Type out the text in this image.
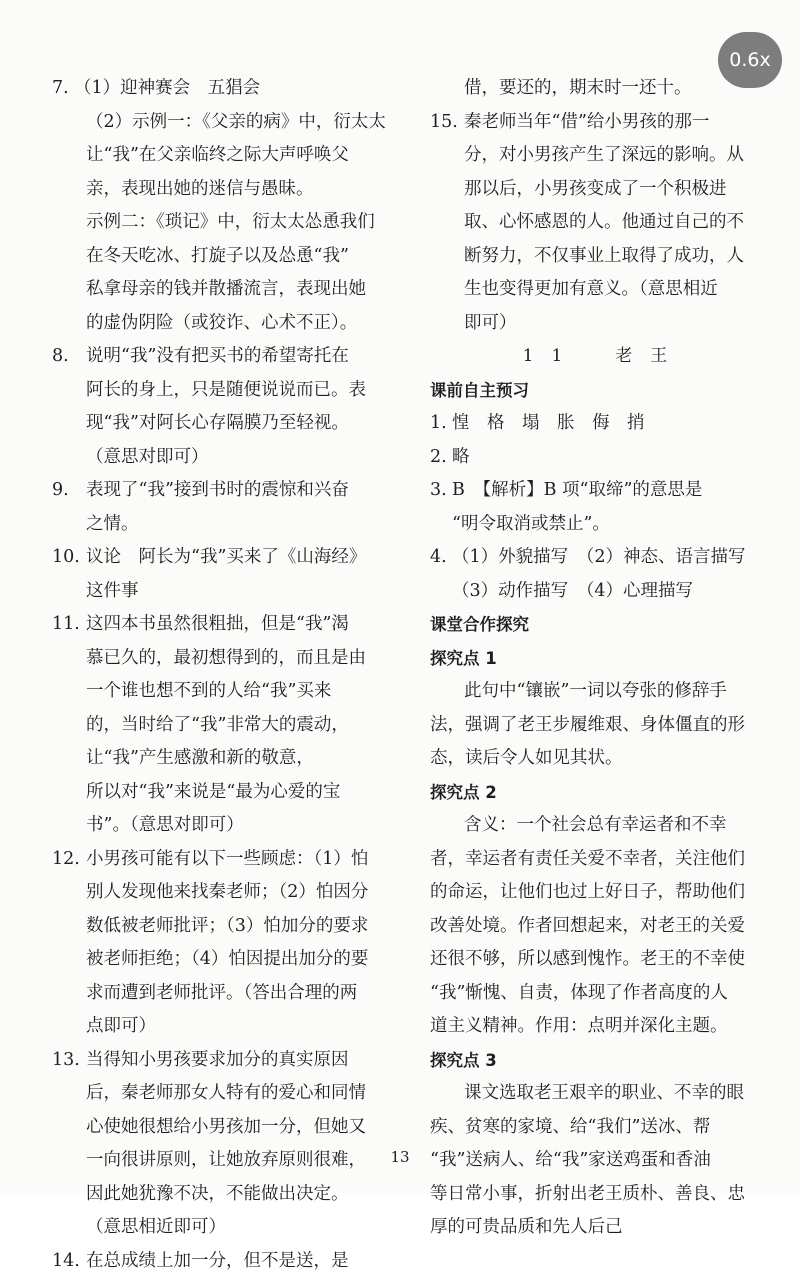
0.6x
7. （1）迎神赛会　五猖会
（2）示例一：《父亲的病》中，衍太太
让“我”在父亲临终之际大声呼唤父
亲，表现出她的迷信与愚昧。
示例二：《琐记》中，衍太太怂恿我们
在冬天吃冰、打旋子以及怂恿“我”
私拿母亲的钱并散播流言，表现出她
的虚伪阴险（或狡诈、心术不正）。
8. 说明“我”没有把买书的希望寄托在
阿长的身上，只是随便说说而已。表
现“我”对阿长心存隔膜乃至轻视。
（意思对即可）
9. 表现了“我”接到书时的震惊和兴奋
之情。
10. 议论　阿长为“我”买来了《山海经》
这件事
11. 这四本书虽然很粗拙，但是“我”渴
慕已久的，最初想得到的，而且是由
一个谁也想不到的人给“我”买来
的，当时给了“我”非常大的震动，
让“我”产生感激和新的敬意，
所以对“我”来说是“最为心爱的宝
书”。（意思对即可）
12. 小男孩可能有以下一些顾虑：（1）怕
别人发现他来找秦老师；（2）怕因分
数低被老师批评；（3）怕加分的要求
被老师拒绝；（4）怕因提出加分的要
求而遭到老师批评。（答出合理的两
点即可）
13. 当得知小男孩要求加分的真实原因
后，秦老师那女人特有的爱心和同情
心使她很想给小男孩加一分，但她又
一向很讲原则，让她放弃原则很难，
因此她犹豫不决，不能做出决定。
（意思相近即可）
14. 在总成绩上加一分，但不是送，是
借，要还的，期末时一还十。
15. 秦老师当年“借”给小男孩的那一
分，对小男孩产生了深远的影响。从
那以后，小男孩变成了一个积极进
取、心怀感恩的人。他通过自己的不
断努力，不仅事业上取得了成功，人
生也变得更加有意义。（意思相近
即可）
11　老王
课前自主预习
1. 惶　格　塌　胀　侮　捎
2. 略
3. B　【解析】B 项“取缔”的意思是
“明令取消或禁止”。
4. （1）外貌描写　（2）神态、语言描写
（3）动作描写　（4）心理描写
课堂合作探究
探究点 1
此句中“镶嵌”一词以夸张的修辞手
法，强调了老王步履维艰、身体僵直的形
态，读后令人如见其状。
探究点 2
含义：一个社会总有幸运者和不幸
者，幸运者有责任关爱不幸者，关注他们
的命运，让他们也过上好日子，帮助他们
改善处境。作者回想起来，对老王的关爱
还很不够，所以感到愧怍。老王的不幸使
“我”惭愧、自责，体现了作者高度的人
道主义精神。作用：点明并深化主题。
探究点 3
课文选取老王艰辛的职业、不幸的眼
疾、贫寒的家境、给“我们”送冰、帮
“我”送病人、给“我”家送鸡蛋和香油
等日常小事，折射出老王质朴、善良、忠
厚的可贵品质和先人后己
13
